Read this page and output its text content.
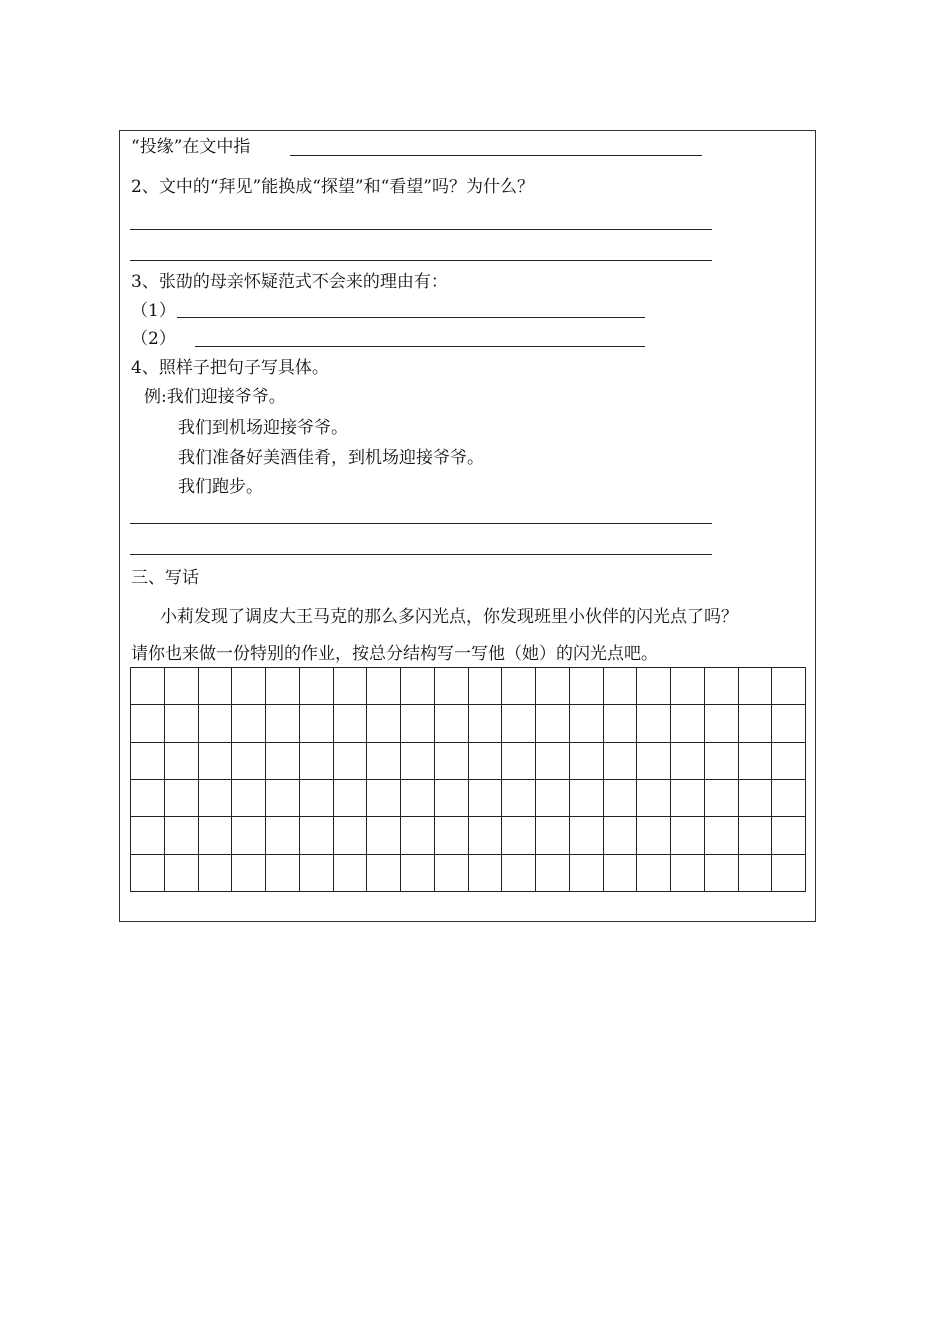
“投缘”在文中指
2、文中的“拜见”能换成“探望”和“看望”吗？为什么？
3、张劭的母亲怀疑范式不会来的理由有：
（1）
（2）
4、照样子把句子写具体。
例:我们迎接爷爷。
我们到机场迎接爷爷。
我们准备好美酒佳肴，到机场迎接爷爷。
我们跑步。
三、写话
小莉发现了调皮大王马克的那么多闪光点，你发现班里小伙伴的闪光点了吗？
请你也来做一份特别的作业，按总分结构写一写他（她）的闪光点吧。
